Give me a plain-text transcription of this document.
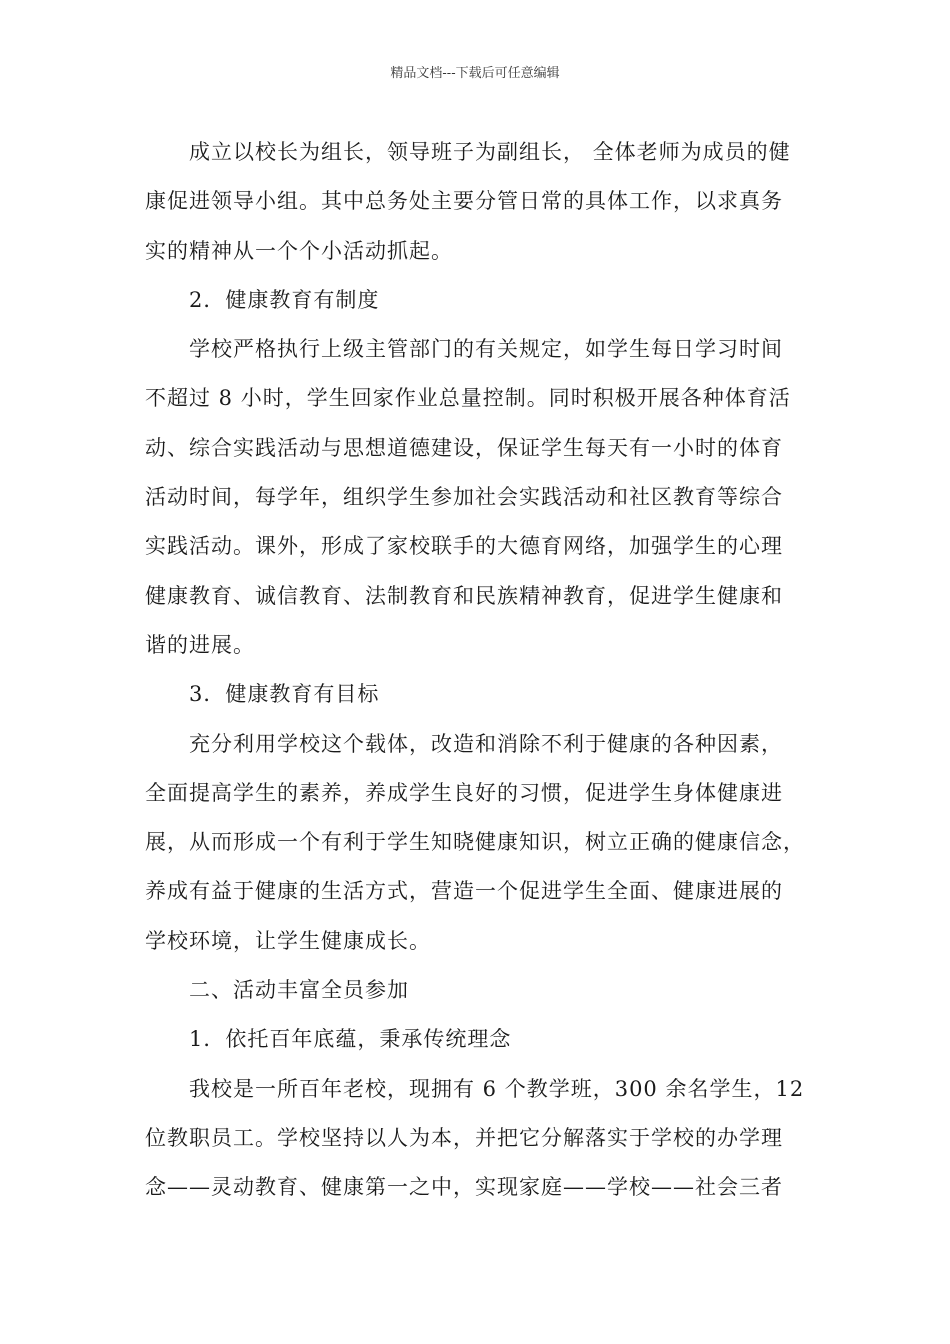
精品文档---下载后可任意编辑
成立以校长为组长，领导班子为副组长， 全体老师为成员的健
康促进领导小组。其中总务处主要分管日常的具体工作，以求真务
实的精神从一个个小活动抓起。
2．健康教育有制度
学校严格执行上级主管部门的有关规定，如学生每日学习时间
不超过 8 小时，学生回家作业总量控制。同时积极开展各种体育活
动、综合实践活动与思想道德建设，保证学生每天有一小时的体育
活动时间，每学年，组织学生参加社会实践活动和社区教育等综合
实践活动。课外，形成了家校联手的大德育网络，加强学生的心理
健康教育、诚信教育、法制教育和民族精神教育，促进学生健康和
谐的进展。
3．健康教育有目标
充分利用学校这个载体，改造和消除不利于健康的各种因素，
全面提高学生的素养，养成学生良好的习惯，促进学生身体健康进
展，从而形成一个有利于学生知晓健康知识，树立正确的健康信念，
养成有益于健康的生活方式，营造一个促进学生全面、健康进展的
学校环境，让学生健康成长。
二、活动丰富全员参加
1．依托百年底蕴，秉承传统理念
我校是一所百年老校，现拥有 6 个教学班，300 余名学生，12
位教职员工。学校坚持以人为本，并把它分解落实于学校的办学理
念——灵动教育、健康第一之中，实现家庭——学校——社会三者
